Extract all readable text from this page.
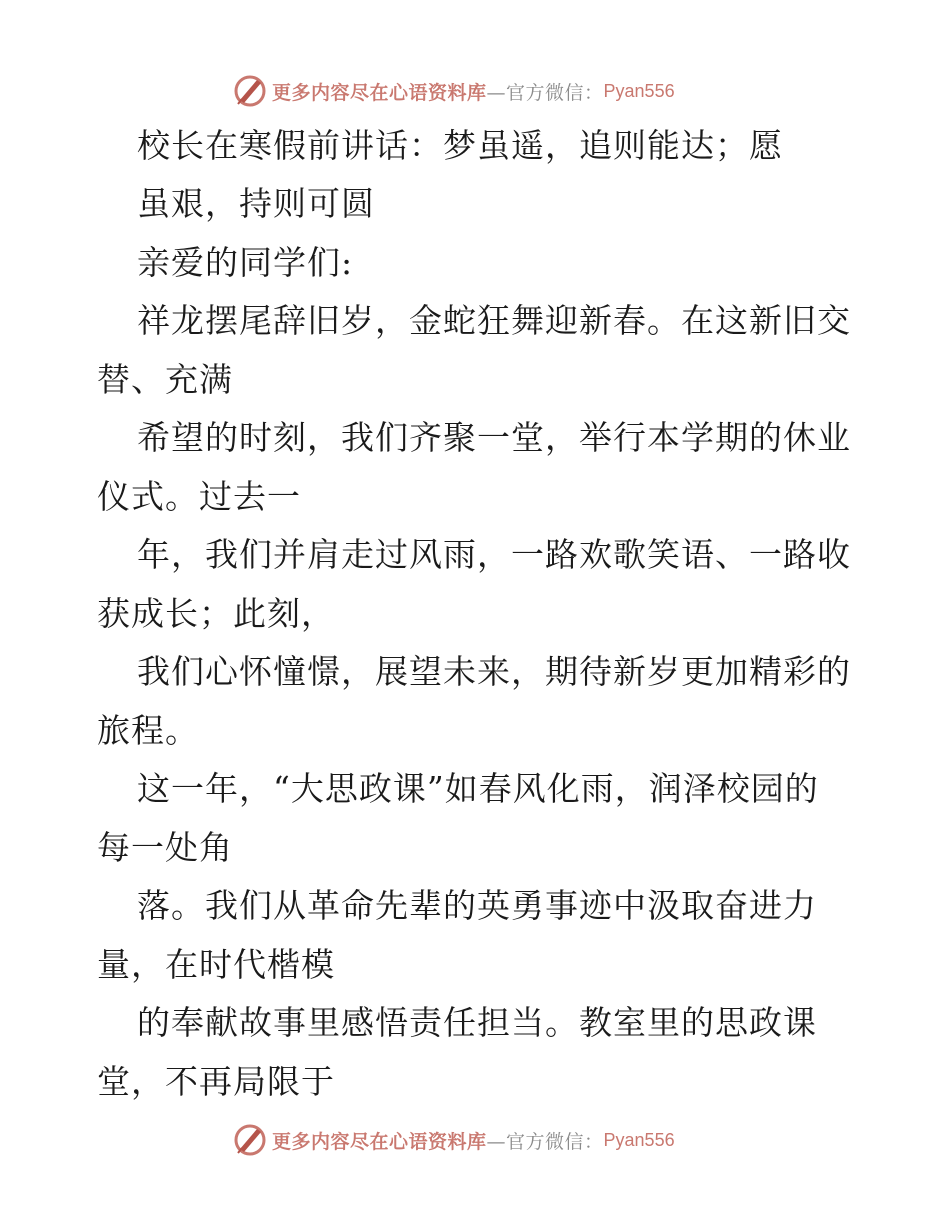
更多内容尽在心语资料库 —官方微信： Pyan556
校长在寒假前讲话：梦虽遥，追则能达；愿
虽艰，持则可圆
亲爱的同学们:
祥龙摆尾辞旧岁，金蛇狂舞迎新春。在这新旧交
替、充满
希望的时刻，我们齐聚一堂，举行本学期的休业
仪式。过去一
年，我们并肩走过风雨，一路欢歌笑语、一路收
获成长；此刻，
我们心怀憧憬，展望未来，期待新岁更加精彩的
旅程。
这一年，“大思政课”如春风化雨，润泽校园的
每一处角
落。我们从革命先辈的英勇事迹中汲取奋进力
量，在时代楷模
的奉献故事里感悟责任担当。教室里的思政课
堂，不再局限于
更多内容尽在心语资料库 —官方微信： Pyan556
